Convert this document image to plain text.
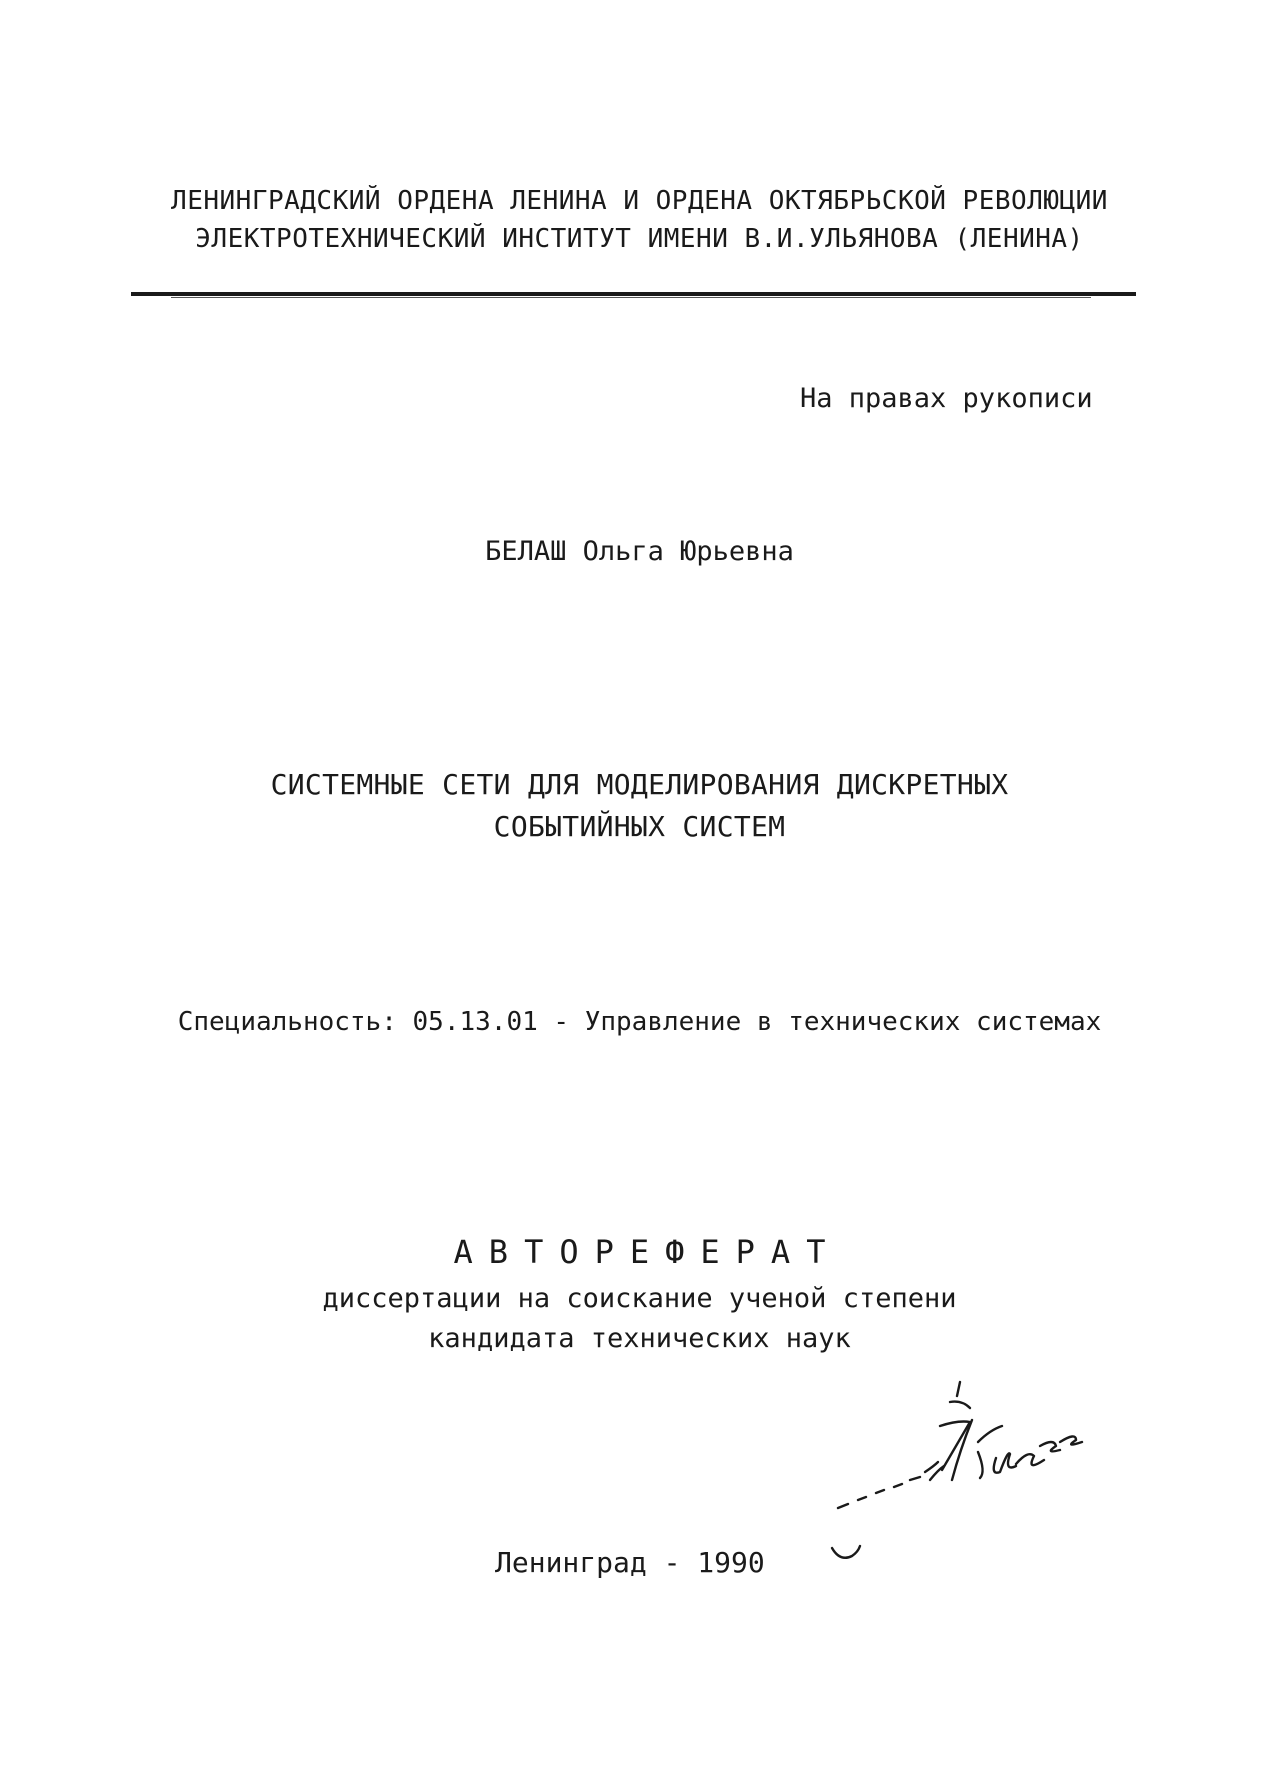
ЛЕНИНГРАДСКИЙ ОРДЕНА ЛЕНИНА И ОРДЕНА ОКТЯБРЬСКОЙ РЕВОЛЮЦИИ
ЭЛЕКТРОТЕХНИЧЕСКИЙ ИНСТИТУТ ИМЕНИ В.И.УЛЬЯНОВА (ЛЕНИНА)
На правах рукописи
БЕЛАШ Ольга Юрьевна
СИСТЕМНЫЕ СЕТИ ДЛЯ МОДЕЛИРОВАНИЯ ДИСКРЕТНЫХ
СОБЫТИЙНЫХ СИСТЕМ
Специальность: 05.13.01 - Управление в технических системах
АВТОРЕФЕРАТ
диссертации на соискание ученой степени
кандидата технических наук
Ленинград - 1990
